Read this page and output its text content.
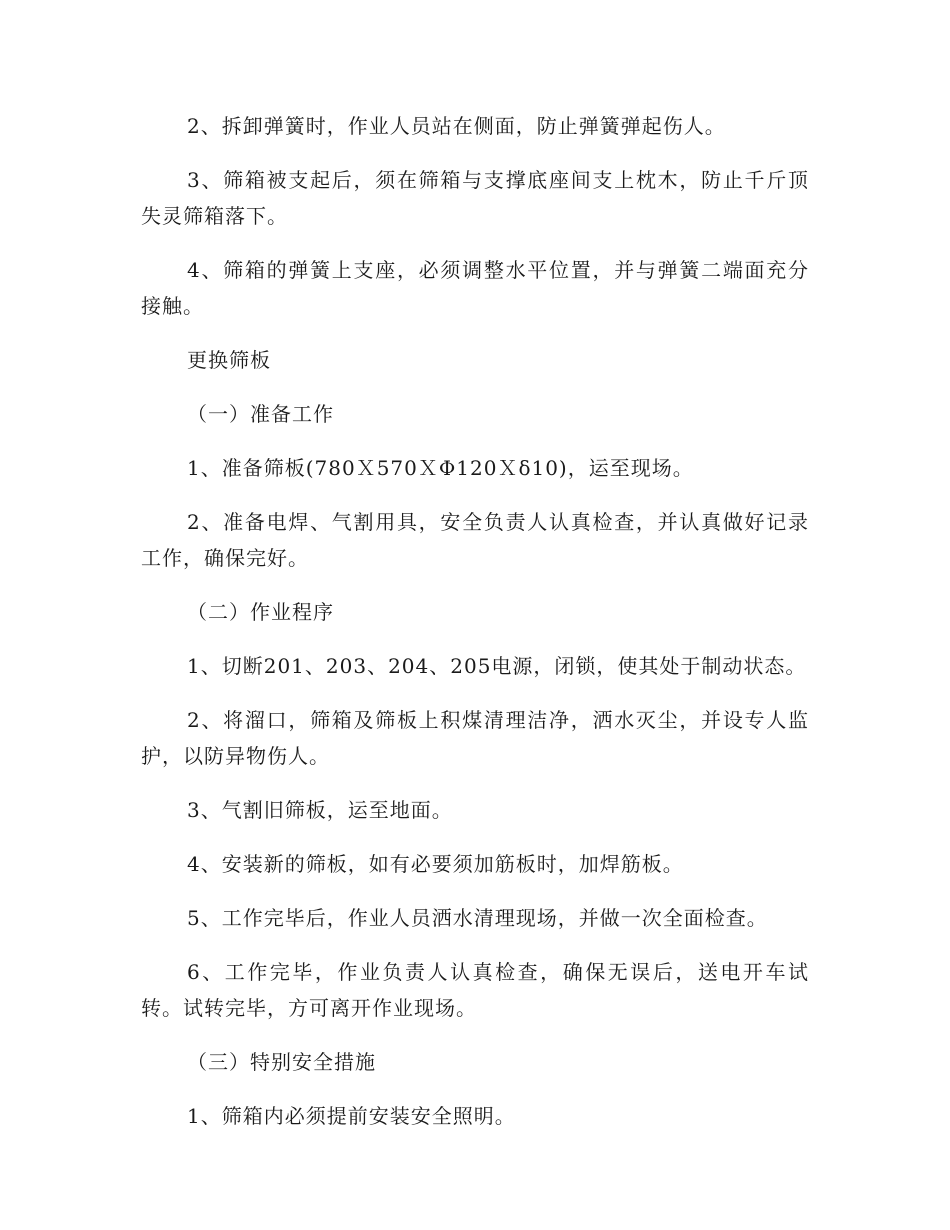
2、拆卸弹簧时，作业人员站在侧面，防止弹簧弹起伤人。

3、筛箱被支起后，须在筛箱与支撑底座间支上枕木，防止千斤顶失灵筛箱落下。

4、筛箱的弹簧上支座，必须调整水平位置，并与弹簧二端面充分接触。

更换筛板

（一）准备工作

1、准备筛板(780Ｘ570ＸΦ120Ｘδ10)，运至现场。

2、准备电焊、气割用具，安全负责人认真检查，并认真做好记录工作，确保完好。

（二）作业程序

1、切断201、203、204、205电源，闭锁，使其处于制动状态。

2、将溜口，筛箱及筛板上积煤清理洁净，洒水灭尘，并设专人监护，以防异物伤人。

3、气割旧筛板，运至地面。

4、安装新的筛板，如有必要须加筋板时，加焊筋板。

5、工作完毕后，作业人员洒水清理现场，并做一次全面检查。

6、工作完毕，作业负责人认真检查，确保无误后，送电开车试转。试转完毕，方可离开作业现场。

（三）特别安全措施

1、筛箱内必须提前安装安全照明。
